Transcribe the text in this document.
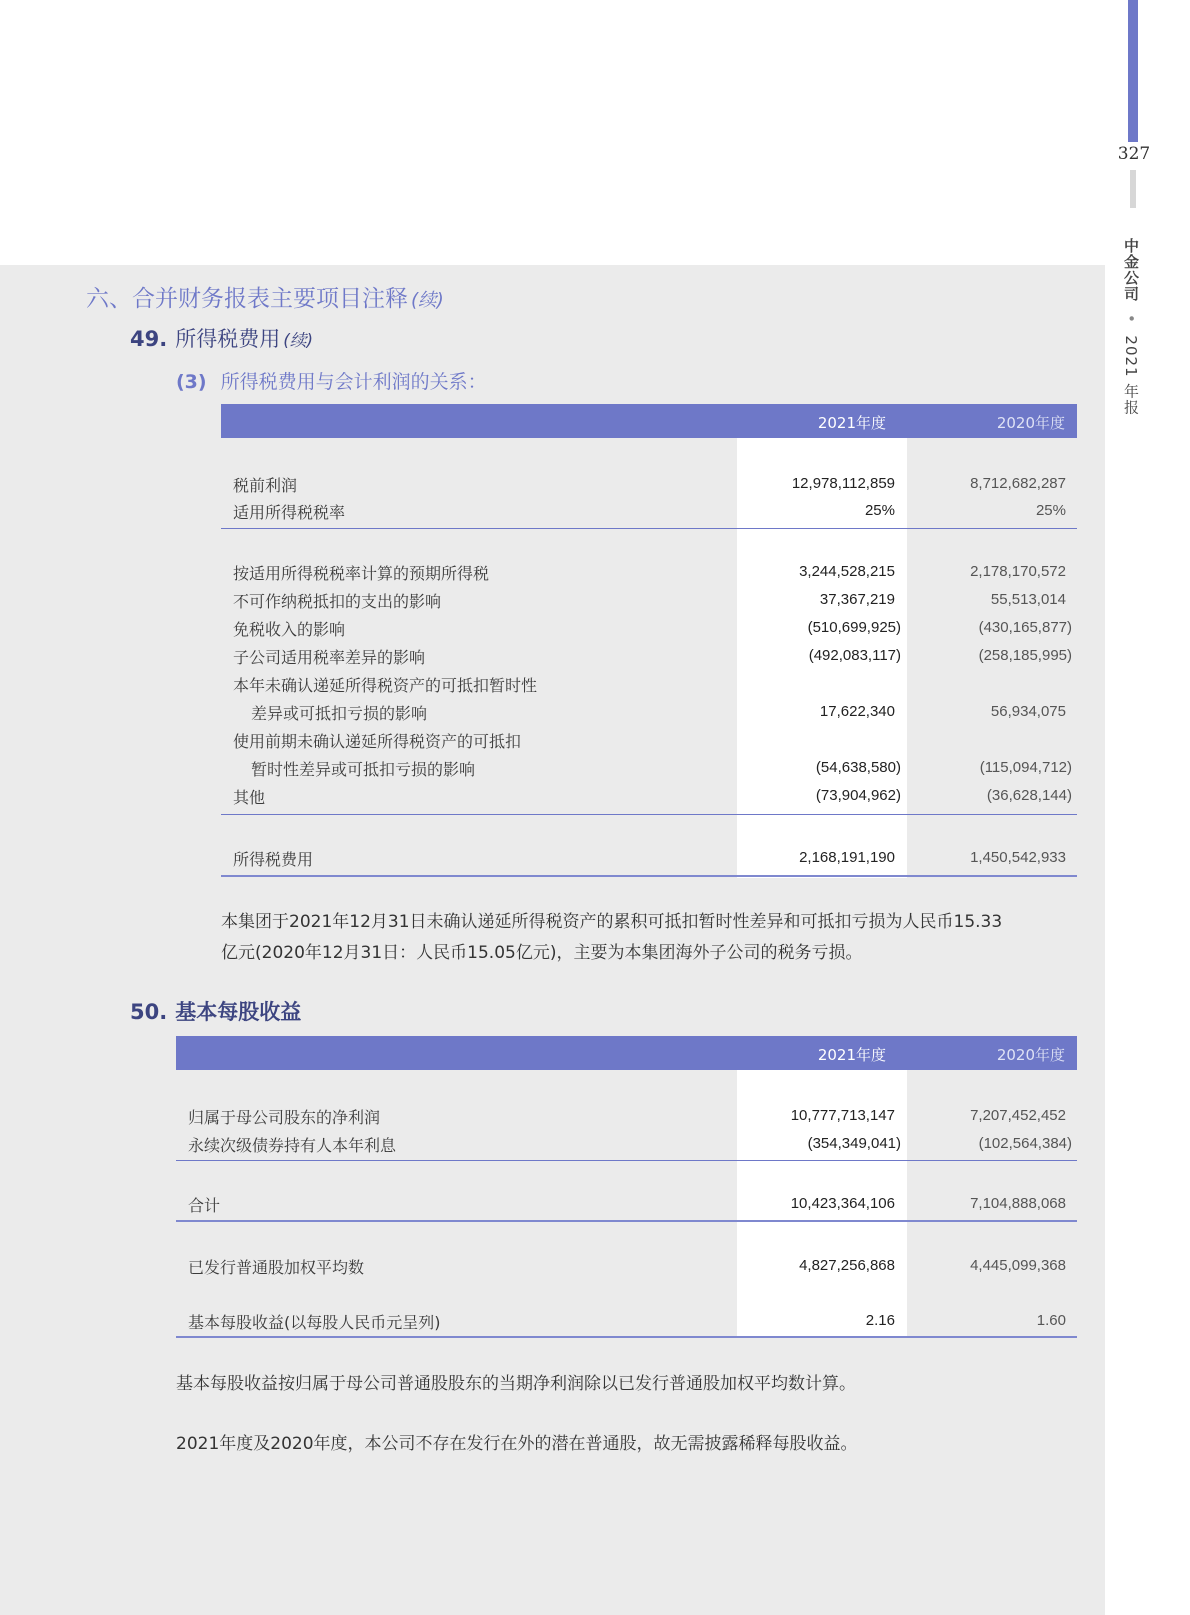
327
中金公司 • 2021 年报
六、合并财务报表主要项目注释 (续)
49. 所得税费用 (续)
(3) 所得税费用与会计利润的关系：
2021年度	2020年度
税前利润	12,978,112,859	8,712,682,287
适用所得税税率	25%	25%
按适用所得税税率计算的预期所得税	3,244,528,215	2,178,170,572
不可作纳税抵扣的支出的影响	37,367,219	55,513,014
免税收入的影响	(510,699,925)	(430,165,877)
子公司适用税率差异的影响	(492,083,117)	(258,185,995)
本年未确认递延所得税资产的可抵扣暂时性
差异或可抵扣亏损的影响	17,622,340	56,934,075
使用前期未确认递延所得税资产的可抵扣
暂时性差异或可抵扣亏损的影响	(54,638,580)	(115,094,712)
其他	(73,904,962)	(36,628,144)
所得税费用	2,168,191,190	1,450,542,933
本集团于2021年12月31日未确认递延所得税资产的累积可抵扣暂时性差异和可抵扣亏损为人民币15.33
亿元(2020年12月31日：人民币15.05亿元)，主要为本集团海外子公司的税务亏损。
50. 基本每股收益
2021年度	2020年度
归属于母公司股东的净利润	10,777,713,147	7,207,452,452
永续次级债券持有人本年利息	(354,349,041)	(102,564,384)
合计	10,423,364,106	7,104,888,068
已发行普通股加权平均数	4,827,256,868	4,445,099,368
基本每股收益(以每股人民币元呈列)	2.16	1.60
基本每股收益按归属于母公司普通股股东的当期净利润除以已发行普通股加权平均数计算。
2021年度及2020年度，本公司不存在发行在外的潜在普通股，故无需披露稀释每股收益。
